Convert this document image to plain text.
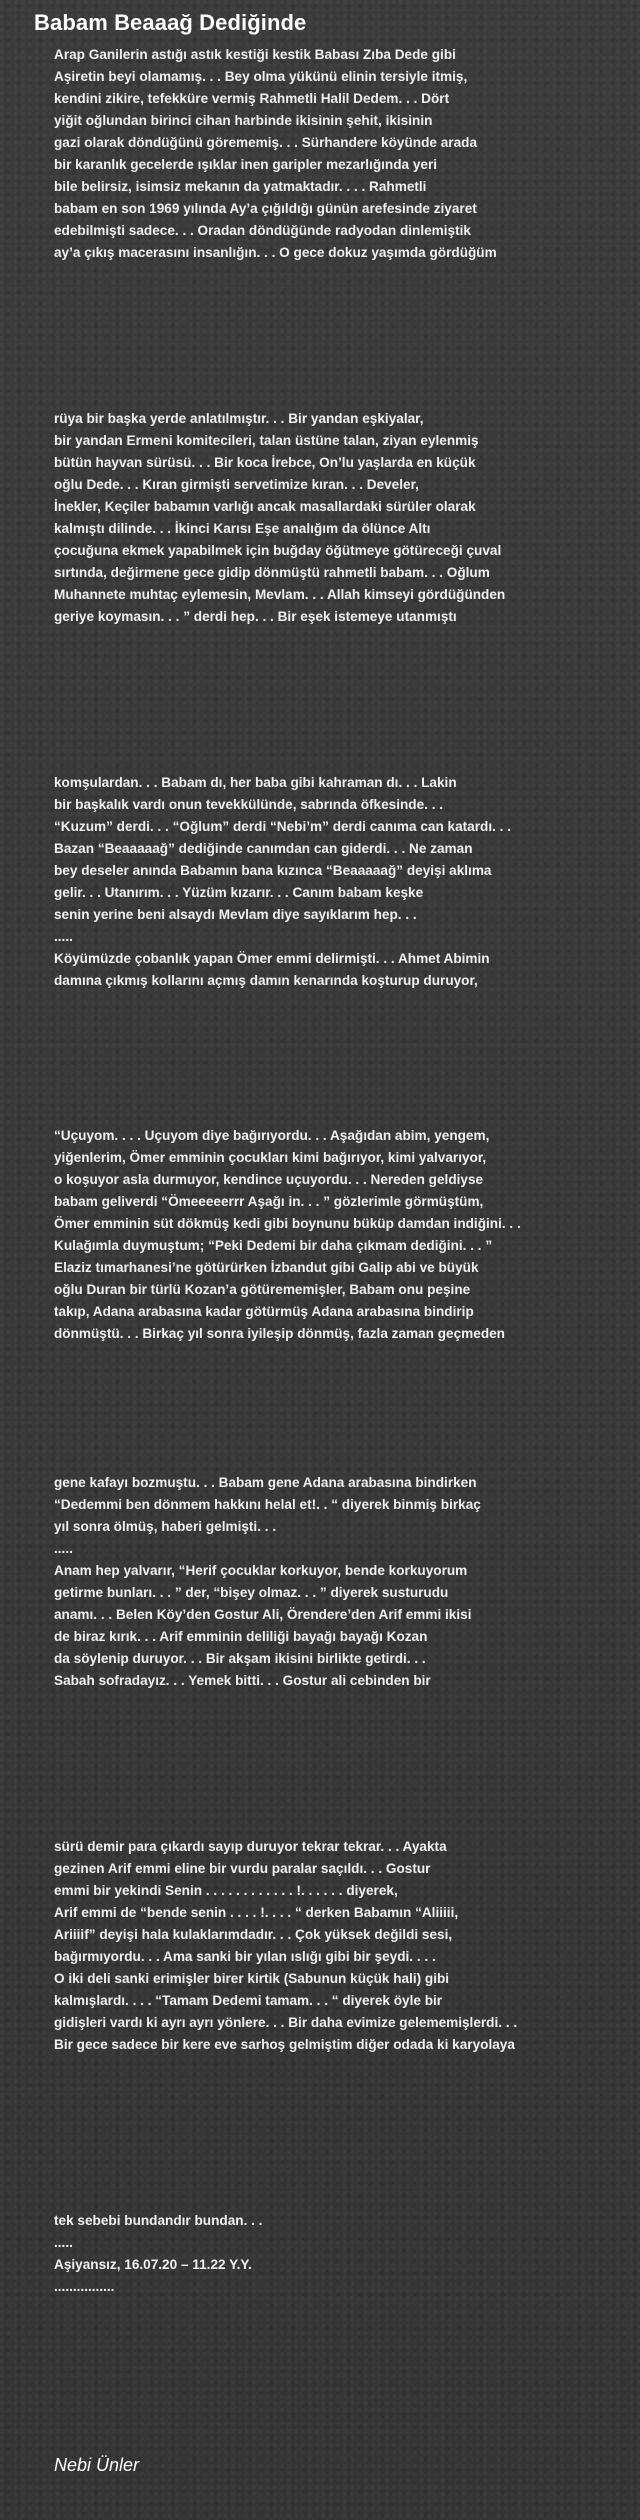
Babam Beaaağ Dediğinde
Arap Ganilerin astığı astık kestiği kestik Babası Zıba Dede gibi
Aşiretin beyi olamamış. . . Bey olma yükünü elinin tersiyle itmiş,
kendini zikire, tefekküre vermiş Rahmetli Halil Dedem. . . Dört
yiğit oğlundan birinci cihan harbinde ikisinin şehit, ikisinin
gazi olarak döndüğünü görememiş. . . Sürhandere köyünde arada
bir karanlık gecelerde ışıklar inen garipler mezarlığında yeri
bile belirsiz, isimsiz mekanın da yatmaktadır. . . . Rahmetli
babam en son 1969 yılında Ay’a çığıldığı günün arefesinde ziyaret
edebilmişti sadece. . . Oradan döndüğünde radyodan dinlemiştik
ay’a çıkış macerasını insanlığın. . . O gece dokuz yaşımda gördüğüm
rüya bir başka yerde anlatılmıştır. . . Bir yandan eşkiyalar,
bir yandan Ermeni komitecileri, talan üstüne talan, ziyan eylenmiş
bütün hayvan sürüsü. . . Bir koca İrebce, On’lu yaşlarda en küçük
oğlu Dede. . . Kıran girmişti servetimize kıran. . . Develer,
İnekler, Keçiler babamın varlığı ancak masallardaki sürüler olarak
kalmıştı dilinde. . . İkinci Karısı Eşe analığım da ölünce Altı
çocuğuna ekmek yapabilmek için buğday öğütmeye götüreceği çuval
sırtında, değirmene gece gidip dönmüştü rahmetli babam. . . Oğlum
Muhannete muhtaç eylemesin, Mevlam. . . Allah kimseyi gördüğünden
geriye koymasın. . . ” derdi hep. . . Bir eşek istemeye utanmıştı
komşulardan. . . Babam dı, her baba gibi kahraman dı. . . Lakin
bir başkalık vardı onun tevekkülünde, sabrında öfkesinde. . .
“Kuzum” derdi. . . “Oğlum” derdi “Nebi’m” derdi canıma can katardı. . .
Bazan “Beaaaaağ” dediğinde canımdan can giderdi. . . Ne zaman
bey deseler anında Babamın bana kızınca “Beaaaaağ” deyişi aklıma
gelir. . . Utanırım. . . Yüzüm kızarır. . . Canım babam keşke
senin yerine beni alsaydı Mevlam diye sayıklarım hep. . .
.....
Köyümüzde çobanlık yapan Ömer emmi delirmişti. . . Ahmet Abimin
damına çıkmış kollarını açmış damın kenarında koşturup duruyor,
“Uçuyom. . . . Uçuyom diye bağırıyordu. . . Aşağıdan abim, yengem,
yiğenlerim, Ömer emminin çocukları kimi bağırıyor, kimi yalvarıyor,
o koşuyor asla durmuyor, kendince uçuyordu. . . Nereden geldiyse
babam geliverdi “Ömeeeeerrr Aşağı in. . . ” gözlerimle görmüştüm,
Ömer emminin süt dökmüş kedi gibi boynunu büküp damdan indiğini. . .
Kulağımla duymuştum; “Peki Dedemi bir daha çıkmam dediğini. . . ”
Elaziz tımarhanesi’ne götürürken İzbandut gibi Galip abi ve büyük
oğlu Duran bir türlü Kozan’a götürememişler, Babam onu peşine
takıp, Adana arabasına kadar götürmüş Adana arabasına bindirip
dönmüştü. . . Birkaç yıl sonra iyileşip dönmüş, fazla zaman geçmeden
gene kafayı bozmuştu. . . Babam gene Adana arabasına bindirken
“Dedemmi ben dönmem hakkını helal et!. . “ diyerek binmiş birkaç
yıl sonra ölmüş, haberi gelmişti. . .
.....
Anam hep yalvarır, “Herif çocuklar korkuyor, bende korkuyorum
getirme bunları. . . ” der, “bişey olmaz. . . ” diyerek susturudu
anamı. . . Belen Köy’den Gostur Ali, Örendere’den Arif emmi ikisi
de biraz kırık. . . Arif emminin deliliği bayağı bayağı Kozan
da söylenip duruyor. . . Bir akşam ikisini birlikte getirdi. . .
Sabah sofradayız. . . Yemek bitti. . . Gostur ali cebinden bir
sürü demir para çıkardı sayıp duruyor tekrar tekrar. . . Ayakta
gezinen Arif emmi eline bir vurdu paralar saçıldı. . . Gostur
emmi bir yekindi Senin . . . . . . . . . . . . !. . . . . . diyerek,
Arif emmi de “bende senin . . . . !. . . . “ derken Babamın “Aliiiii,
Ariiiif” deyişi hala kulaklarımdadır. . . Çok yüksek değildi sesi,
bağırmıyordu. . . Ama sanki bir yılan ıslığı gibi bir şeydi. . . .
O iki deli sanki erimişler birer kirtik (Sabunun küçük hali) gibi
kalmışlardı. . . . “Tamam Dedemi tamam. . . “ diyerek öyle bir
gidişleri vardı ki ayrı ayrı yönlere. . . Bir daha evimize gelememişlerdi. . .
Bir gece sadece bir kere eve sarhoş gelmiştim diğer odada ki karyolaya
tek sebebi bundandır bundan. . .
.....
Aşiyansız, 16.07.20 – 11.22 Y.Y.
................
Nebi Ünler
